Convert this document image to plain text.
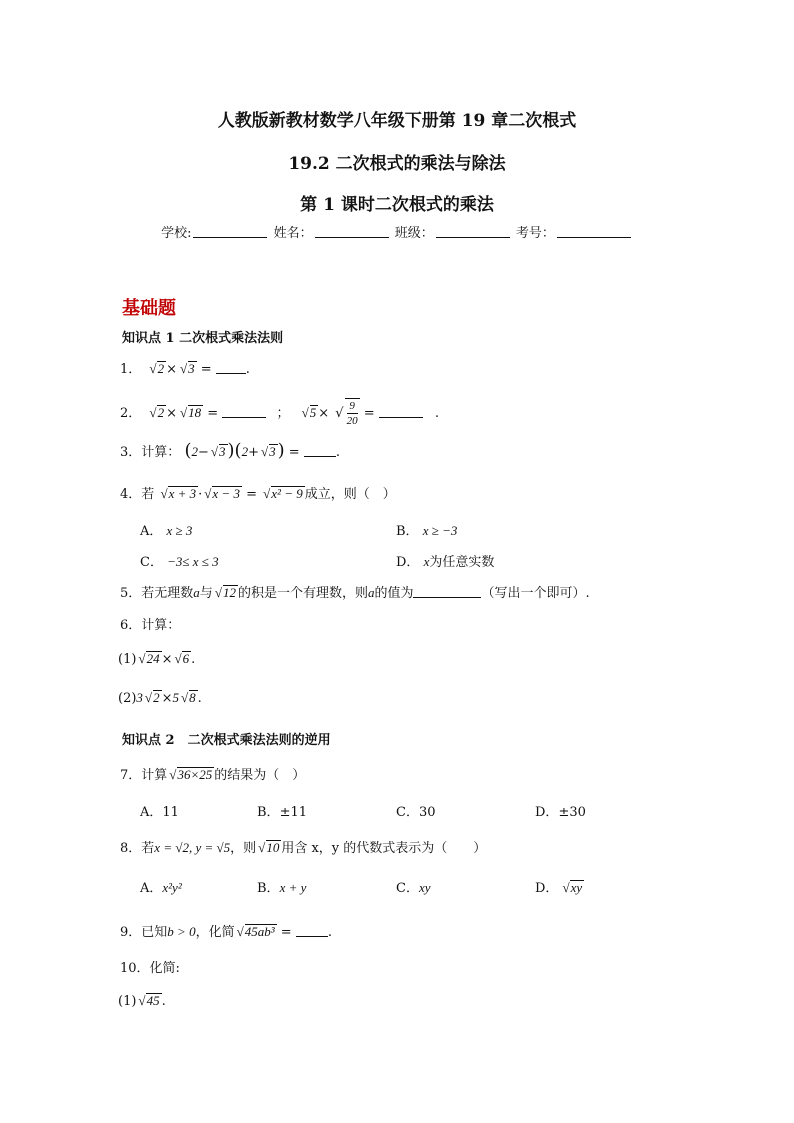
人教版新教材数学八年级下册第 19 章二次根式
19.2 二次根式的乘法与除法
第 1 课时二次根式的乘法
学校:	姓名：	班级：	考号：
基础题
知识点 1 二次根式乘法法则
1． √ 2 × √ 3 =	.
2． √ 2 × √ 18 =	； √ 5 × √ $\frac{9}{20}$ =	.
3．计算： (2− √ 3 )(2+ √ 3 ) =	.
4．若 √ x + 3 · √ x − 3 = √ x² − 9 成立，则（　）
A． x ≥ 3	B． x ≥ −3
C． −3≤ x ≤ 3	D． x为任意实数
5．若无理数a与 √ 12 的积是一个有理数，则a的值为	（写出一个即可）.
6．计算：
(1) √ 24 × √ 6 .
(2)3 √ 2 ×5 √ 8 .
知识点 2　二次根式乘法法则的逆用
7．计算 √ 36×25 的结果为（　）
A．11	B．±11	C．30	D．±30
8．若x = √2, y = √5，则 √ 10 用含 x，y 的代数式表示为（　　）
A．x²y²	B．x + y	C．xy	D． √ xy
9．已知b > 0，化简 √ 45ab³ =	.
10．化简:
(1) √ 45 .
